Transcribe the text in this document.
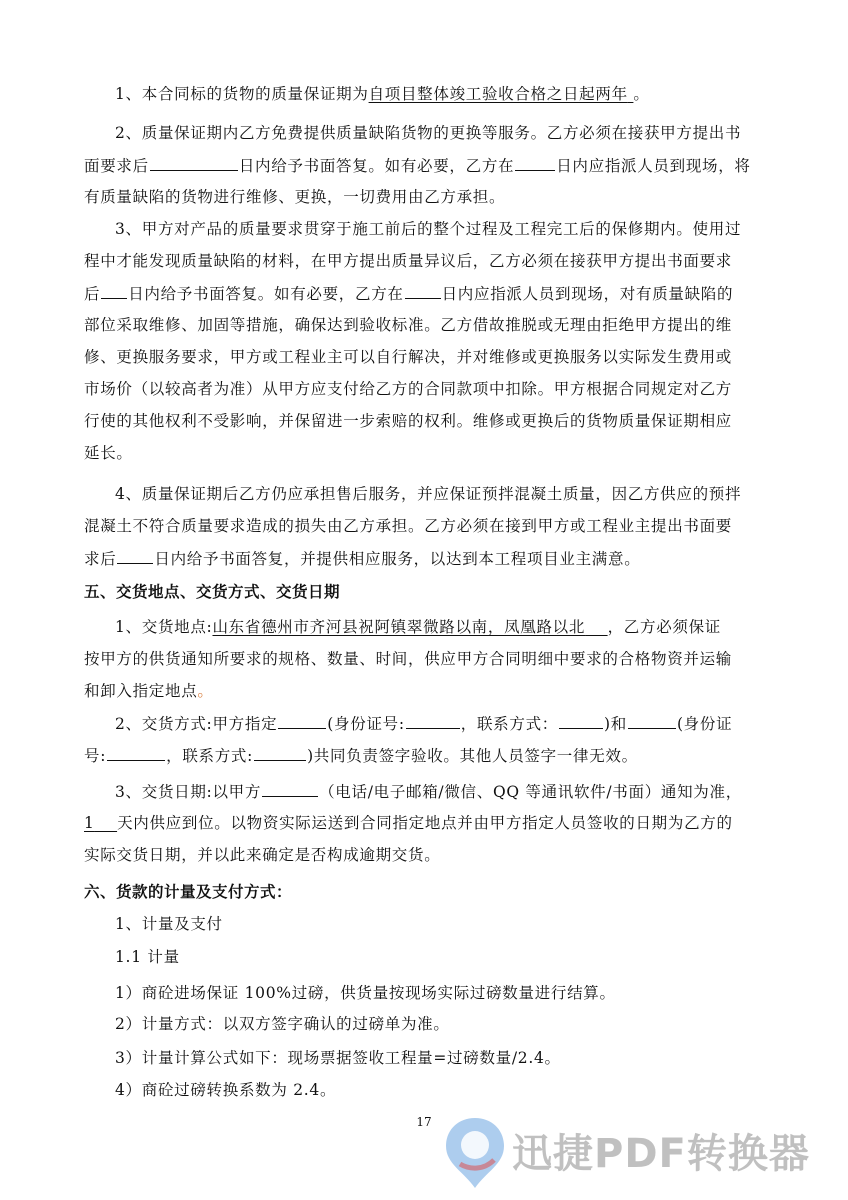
1、本合同标的货物的质量保证期为自项目整体竣工验收合格之日起两年 。
2、质量保证期内乙方免费提供质量缺陷货物的更换等服务。乙方必须在接获甲方提出书
面要求后	日内给予书面答复。如有必要，乙方在	日内应指派人员到现场，将
有质量缺陷的货物进行维修、更换，一切费用由乙方承担。
3、甲方对产品的质量要求贯穿于施工前后的整个过程及工程完工后的保修期内。使用过
程中才能发现质量缺陷的材料，在甲方提出质量异议后，乙方必须在接获甲方提出书面要求
后 日内给予书面答复。如有必要，乙方在 日内应指派人员到现场，对有质量缺陷的
部位采取维修、加固等措施，确保达到验收标准。乙方借故推脱或无理由拒绝甲方提出的维
修、更换服务要求，甲方或工程业主可以自行解决，并对维修或更换服务以实际发生费用或
市场价（以较高者为准）从甲方应支付给乙方的合同款项中扣除。甲方根据合同规定对乙方
行使的其他权利不受影响，并保留进一步索赔的权利。维修或更换后的货物质量保证期相应
延长。
4、质量保证期后乙方仍应承担售后服务，并应保证预拌混凝土质量，因乙方供应的预拌
混凝土不符合质量要求造成的损失由乙方承担。乙方必须在接到甲方或工程业主提出书面要
求后 日内给予书面答复，并提供相应服务，以达到本工程项目业主满意。
五、交货地点、交货方式、交货日期
1、交货地点:山东省德州市齐河县祝阿镇翠微路以南，凤凰路以北 ，乙方必须保证
按甲方的供货通知所要求的规格、数量、时间，供应甲方合同明细中要求的合格物资并运输
和卸入指定地点。
2、交货方式:甲方指定	(身份证号:	，联系方式：	)和	(身份证
号:	，联系方式:	)共同负责签字验收。其他人员签字一律无效。
3、交货日期:以甲方	（电话/电子邮箱/微信、QQ 等通讯软件/书面）通知为准，
1 天内供应到位。以物资实际运送到合同指定地点并由甲方指定人员签收的日期为乙方的
实际交货日期，并以此来确定是否构成逾期交货。
六、货款的计量及支付方式：
1、计量及支付
1.1 计量
1）商砼进场保证 100%过磅，供货量按现场实际过磅数量进行结算。
2）计量方式：以双方签字确认的过磅单为准。
3）计量计算公式如下：现场票据签收工程量=过磅数量/2.4。
4）商砼过磅转换系数为 2.4。
17
迅捷PDF转换器
